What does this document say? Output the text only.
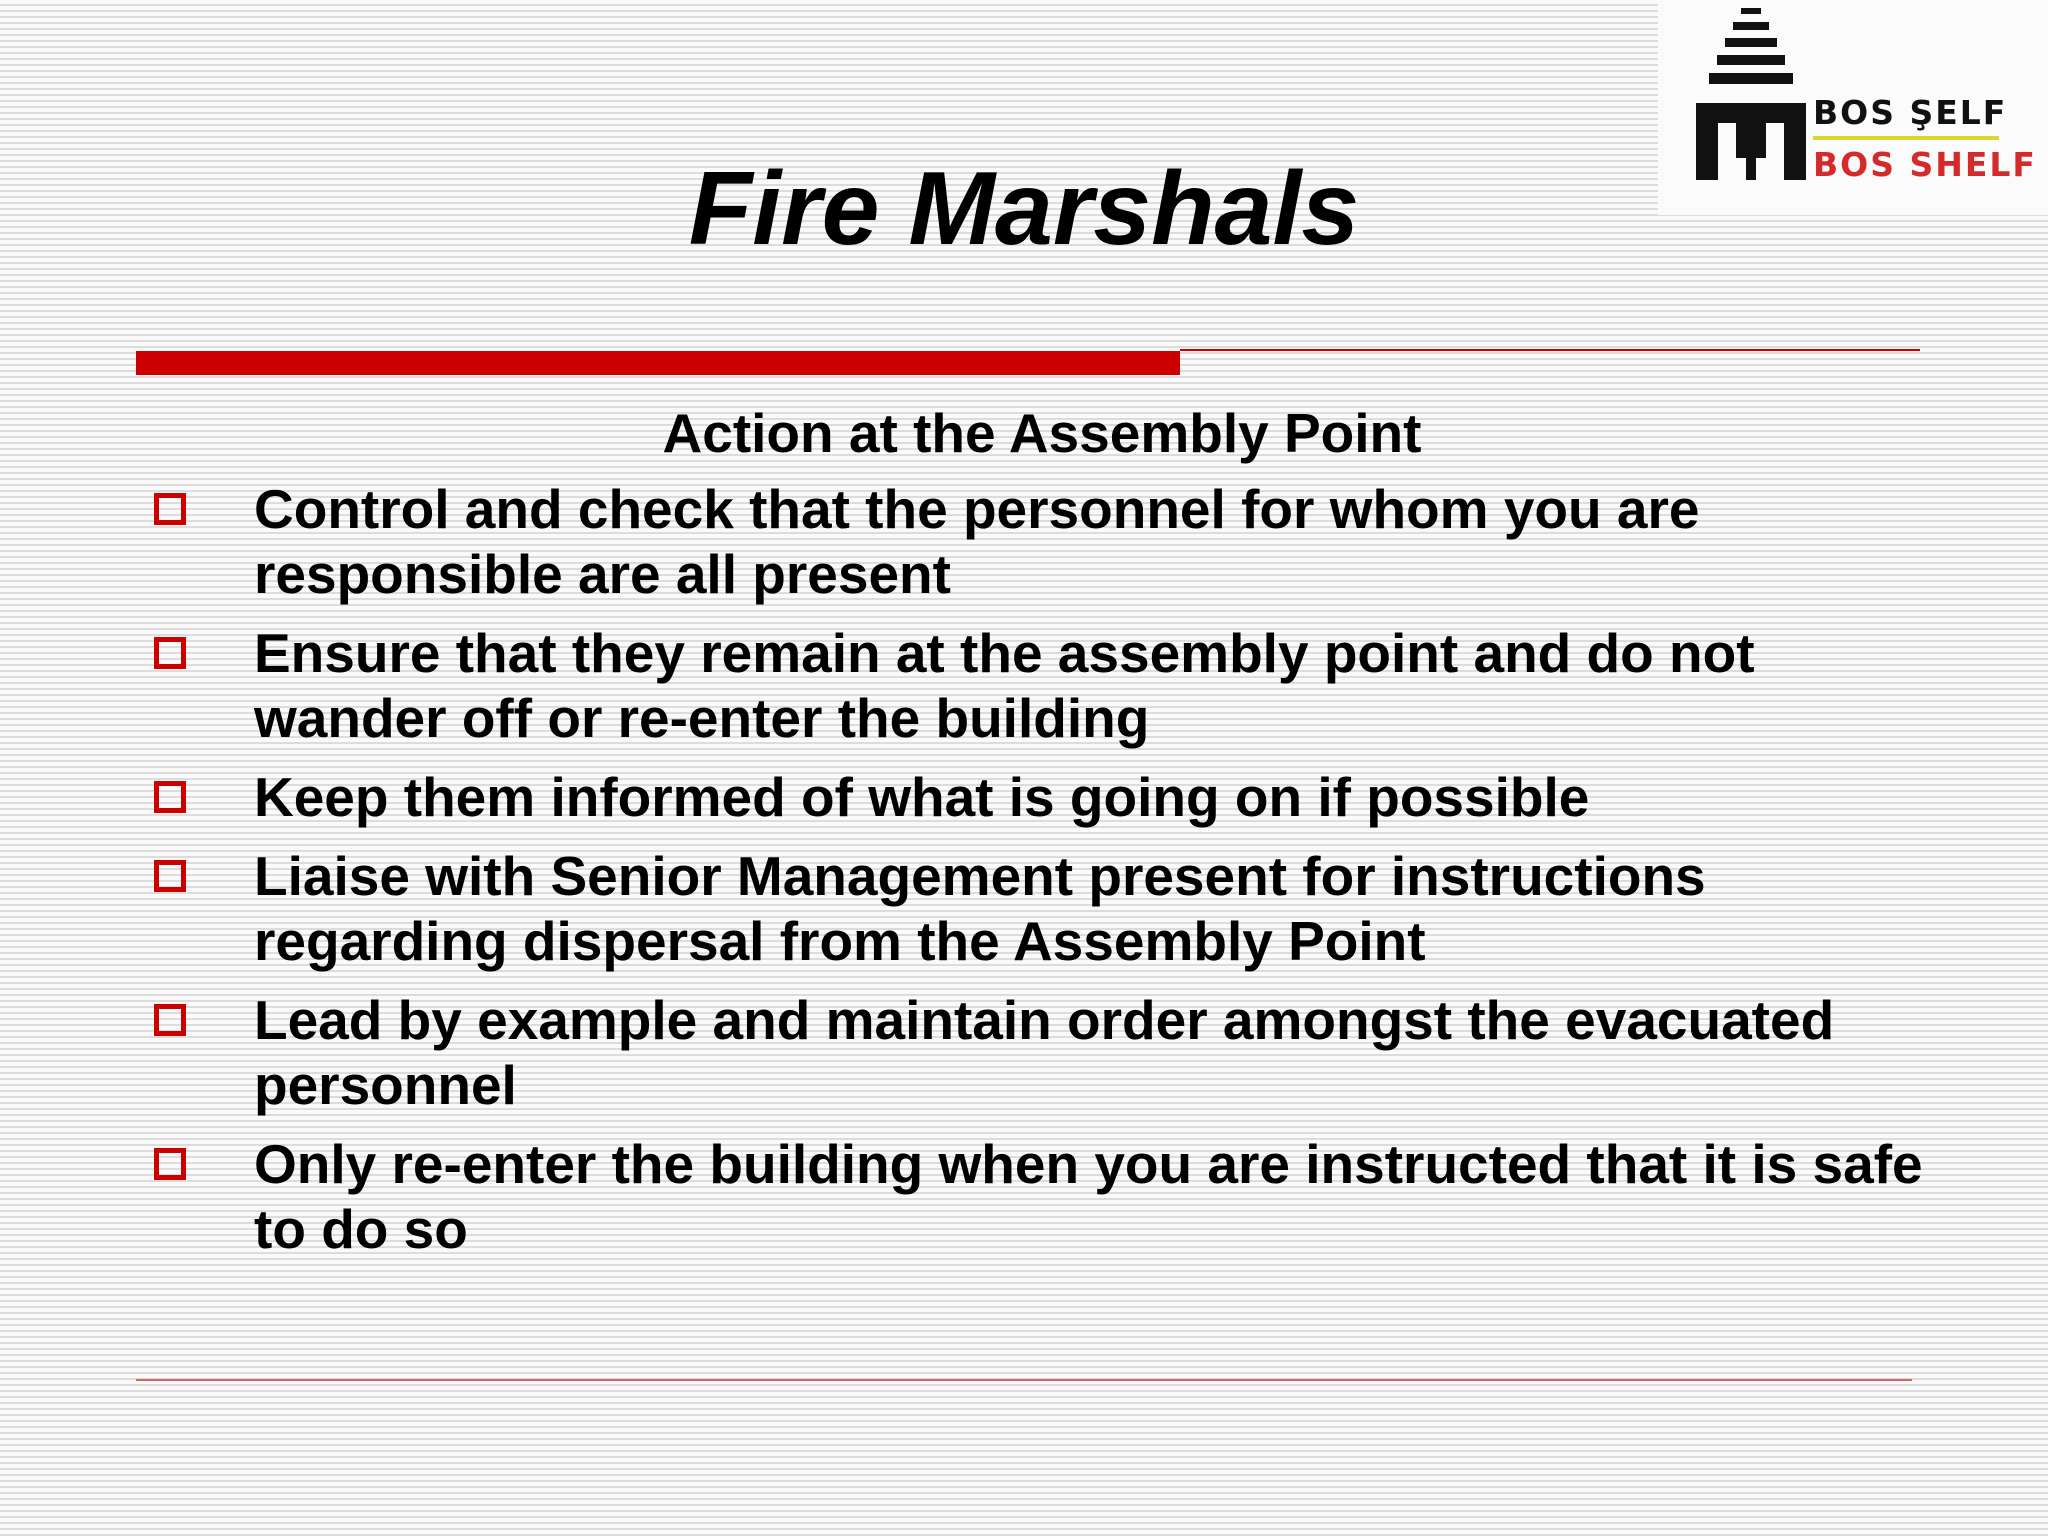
BOS ŞELF
BOS SHELF
Fire Marshals
Action at the Assembly Point
Control and check that the personnel for whom you are responsible are all present
Ensure that they remain at the assembly point and do not wander off or re-enter the building
Keep them informed of what is going on if possible
Liaise with Senior Management present for instructions regarding dispersal from the Assembly Point
Lead by example and maintain order amongst the evacuated personnel
Only re-enter the building when you are instructed that it is safe to do so
